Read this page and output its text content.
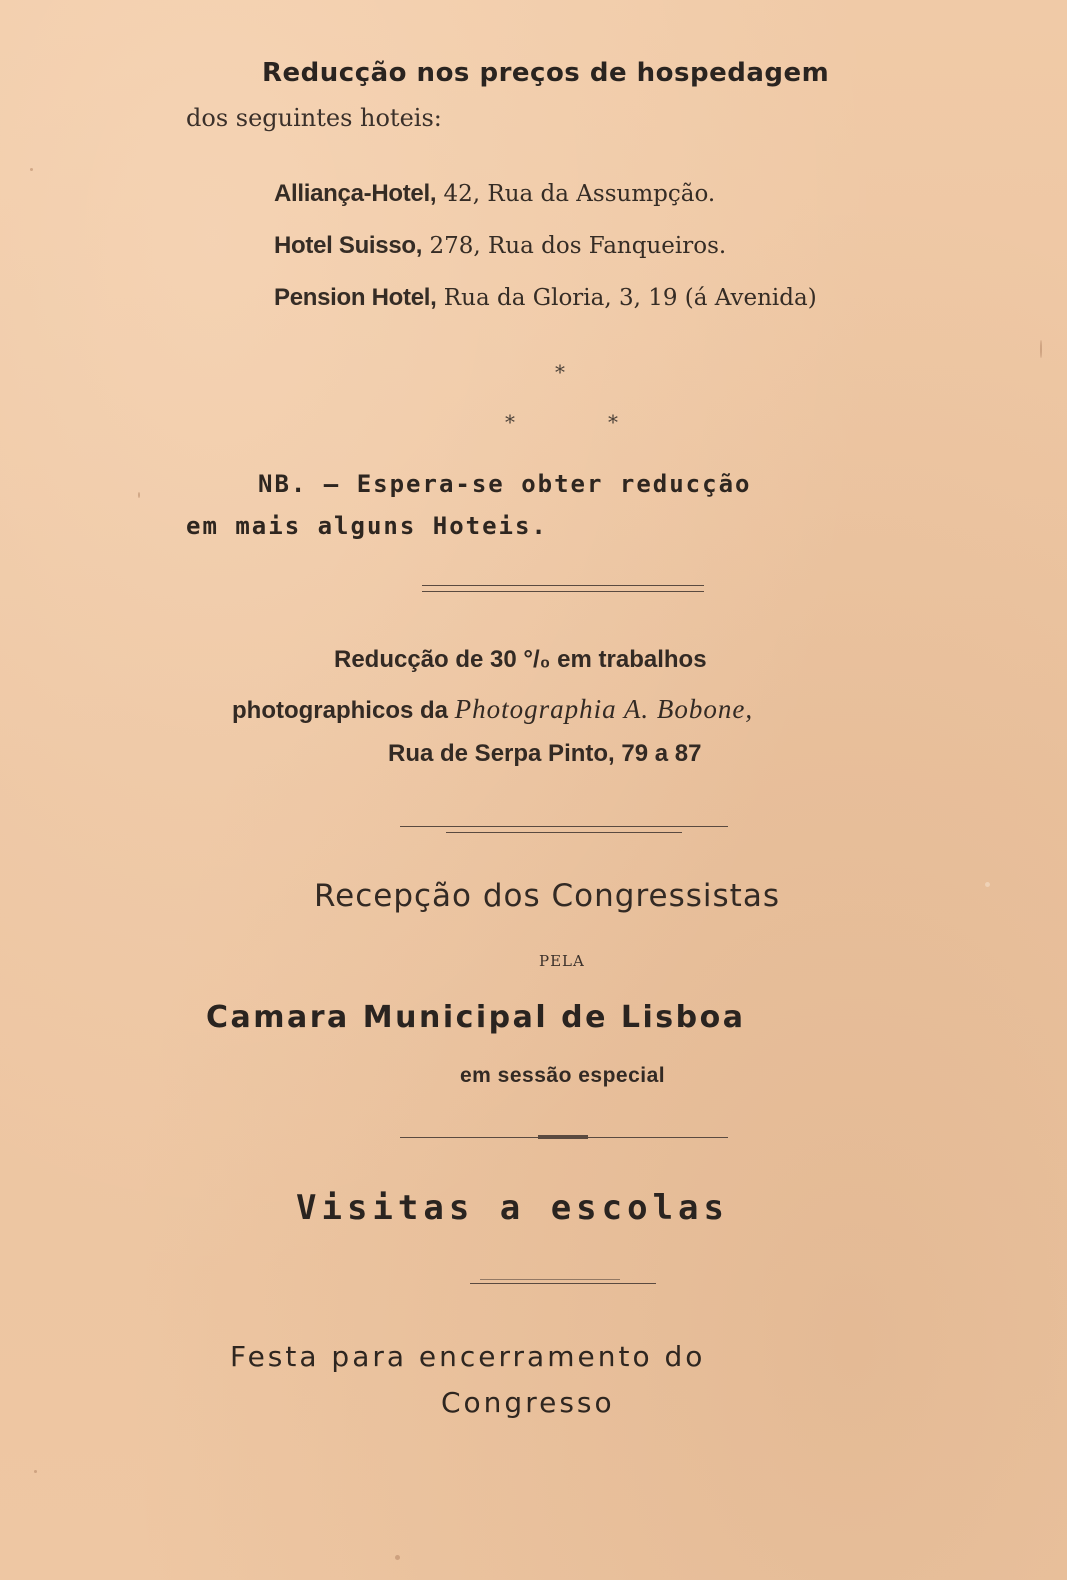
Reducção nos preços de hospedagem
dos seguintes hoteis:
Alliança-Hotel, 42, Rua da Assumpção.
Hotel Suisso, 278, Rua dos Fanqueiros.
Pension Hotel, Rua da Gloria, 3, 19 (á Avenida)
*
*	*
NB. — Espera-se obter reducção
em mais alguns Hoteis.
Reducção de 30 °/₀ em trabalhos
photographicos da Photographia A. Bobone,
Rua de Serpa Pinto, 79 a 87
Recepção dos Congressistas
PELA
Camara Municipal de Lisboa
em sessão especial
Visitas a escolas
Festa para encerramento do
Congresso
